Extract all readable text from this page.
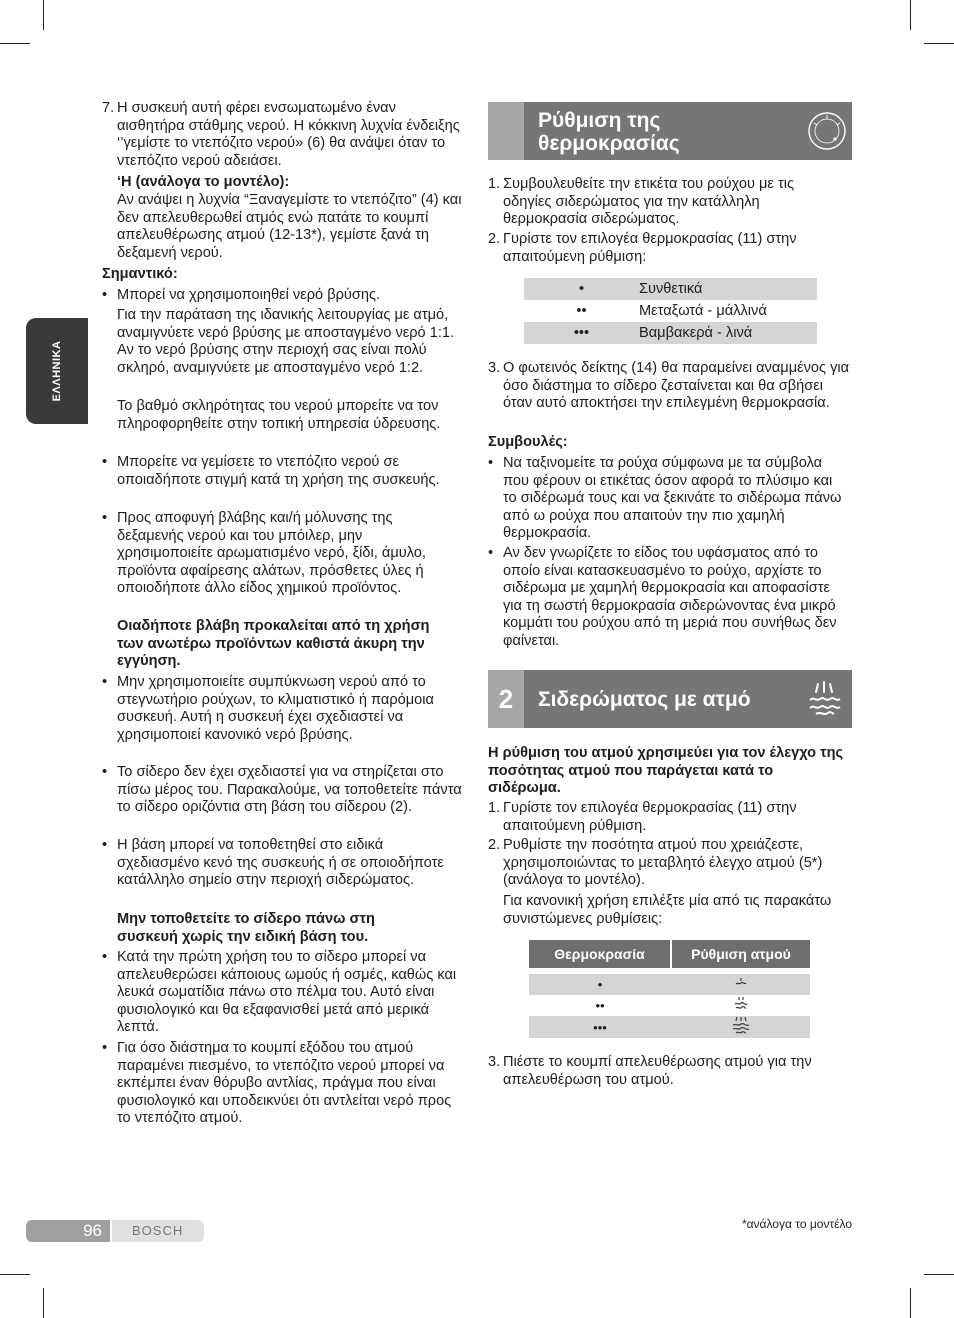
ΕΛΛΗΝΙΚΑ
7. Η συσκευή αυτή φέρει ενσωματωμένο έναν αισθητήρα στάθμης νερού. Η κόκκινη λυχνία ένδειξης ‘’γεμίστε το ντεπόζιτο νερού» (6) θα ανάψει όταν το ντεπόζιτο νερού αδειάσει.

‘Η (ανάλογα το μοντέλο):

Αν ανάψει η λυχνία “Ξαναγεμίστε το ντεπόζιτο” (4) και δεν απελευθερωθεί ατμός ενώ πατάτε το κουμπί απελευθέρωσης ατμού (12-13*), γεμίστε ξανά τη δεξαμενή νερού.

Σημαντικό:

• Μπορεί να χρησιμοποιηθεί νερό βρύσης.

Για την παράταση της ιδανικής λειτουργίας με ατμό, αναμιγνύετε νερό βρύσης με αποσταγμένο νερό 1:1. Αν το νερό βρύσης στην περιοχή σας είναι πολύ σκληρό, αναμιγνύετε με αποσταγμένο νερό 1:2.

Το βαθμό σκληρότητας του νερού μπορείτε να τον πληροφορηθείτε στην τοπική υπηρεσία ύδρευσης.

• Μπορείτε να γεμίσετε το ντεπόζιτο νερού σε οποιαδήποτε στιγμή κατά τη χρήση της συσκευής.

• Προς αποφυγή βλάβης και/ή μόλυνσης της δεξαμενής νερού και του μπόιλερ, μην χρησιμοποιείτε αρωματισμένο νερό, ξίδι, άμυλο, προϊόντα αφαίρεσης αλάτων, πρόσθετες ύλες ή οποιοδήποτε άλλο είδος χημικού προϊόντος.

Οιαδήποτε βλάβη προκαλείται από τη χρήση των ανωτέρω προϊόντων καθιστά άκυρη την εγγύηση.

• Μην χρησιμοποιείτε συμπύκνωση νερού από το στεγνωτήριο ρούχων, το κλιματιστικό ή παρόμοια συσκευή. Αυτή η συσκευή έχει σχεδιαστεί να χρησιμοποιεί κανονικό νερό βρύσης.

• Το σίδερο δεν έχει σχεδιαστεί για να στηρίζεται στο πίσω μέρος του. Παρακαλούμε, να τοποθετείτε πάντα το σίδερο οριζόντια στη βάση του σίδερου (2).

• Η βάση μπορεί να τοποθετηθεί στο ειδικά σχεδιασμένο κενό της συσκευής ή σε οποιοδήποτε κατάλληλο σημείο στην περιοχή σιδερώματος.

Μην τοποθετείτε το σίδερο πάνω στη συσκευή χωρίς την ειδική βάση του.

• Κατά την πρώτη χρήση του το σίδερο μπορεί να απελευθερώσει κάποιους ωμούς ή οσμές, καθώς και λευκά σωματίδια πάνω στο πέλμα του. Αυτό είναι φυσιολογικό και θα εξαφανισθεί μετά από μερικά λεπτά.

• Για όσο διάστημα το κουμπί εξόδου του ατμού παραμένει πιεσμένο, το ντεπόζιτο νερού μπορεί να εκπέμπει έναν θόρυβο αντλίας, πράγμα που είναι φυσιολογικό και υποδεικνύει ότι αντλείται νερό προς το ντεπόζιτο ατμού.

Ρύθμιση της θερμοκρασίας
1. Συμβουλευθείτε την ετικέτα του ρούχου με τις οδηγίες σιδερώματος για την κατάλληλη θερμοκρασία σιδερώματος.

2. Γυρίστε τον επιλογέα θερμοκρασίας (11) στην απαιτούμενη ρύθμιση:

•	Συνθετικά
••	Μεταξωτά - μάλλινά
•••	Βαμβακερά - λινά
3. Ο φωτεινός δείκτης (14) θα παραμείνει αναμμένος για όσο διάστημα το σίδερο ζεσταίνεται και θα σβήσει όταν αυτό αποκτήσει την επιλεγμένη θερμοκρασία.

Συμβουλές:

• Να ταξινομείτε τα ρούχα σύμφωνα με τα σύμβολα που φέρουν οι ετικέτας όσον αφορά το πλύσιμο και το σιδέρωμά τους και να ξεκινάτε το σιδέρωμα πάνω από ω ρούχα που απαιτούν την πιο χαμηλή θερμοκρασία.

• Αν δεν γνωρίζετε το είδος του υφάσματος από το οποίο είναι κατασκευασμένο το ρούχο, αρχίστε το σιδέρωμα με χαμηλή θερμοκρασία και αποφασίστε για τη σωστή θερμοκρασία σιδερώνοντας ένα μικρό κομμάτι του ρούχου από τη μεριά που συνήθως δεν φαίνεται.

2	Σιδερώματος με ατμό

Η ρύθμιση του ατμού χρησιμεύει για τον έλεγχο της ποσότητας ατμού που παράγεται κατά το σιδέρωμα.

1. Γυρίστε τον επιλογέα θερμοκρασίας (11) στην απαιτούμενη ρύθμιση.

2. Ρυθμίστε την ποσότητα ατμού που χρειάζεστε, χρησιμοποιώντας το μεταβλητό έλεγχο ατμού (5*) (ανάλογα το μοντέλο).

Για κανονική χρήση επιλέξτε μία από τις παρακάτω συνιστώμενες ρυθμίσεις:

Θερμοκρασία	Ρύθμιση ατμού

•	
••	
•••	
3. Πιέστε το κουμπί απελευθέρωσης ατμού για την απελευθέρωση του ατμού.

96 BOSCH	*ανάλογα το μοντέλο
